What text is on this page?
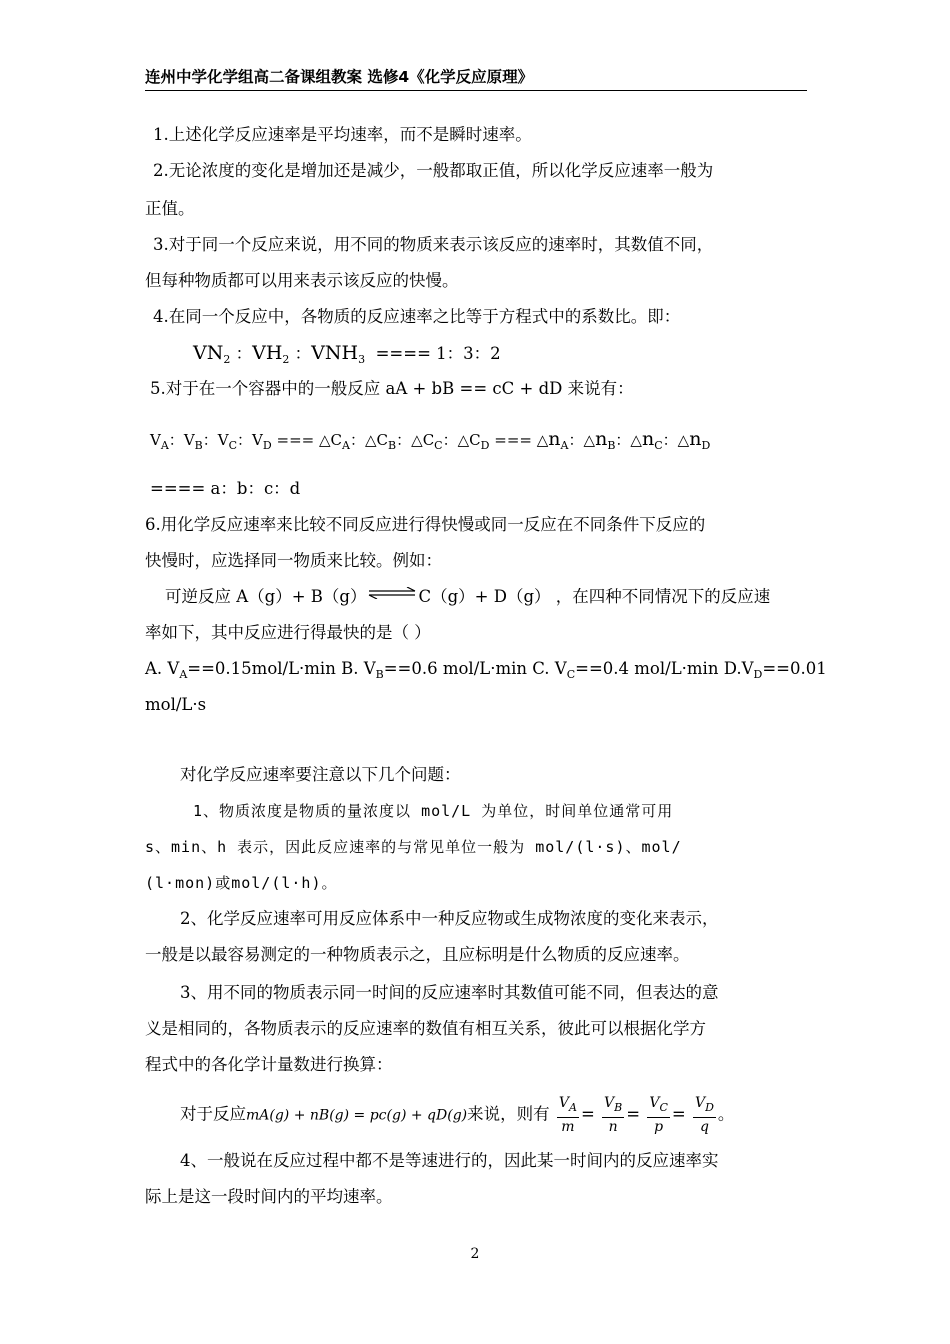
连州中学化学组高二备课组教案 选修4《化学反应原理》
1.上述化学反应速率是平均速率，而不是瞬时速率。
2.无论浓度的变化是增加还是减少，一般都取正值，所以化学反应速率一般为
正值。
3.对于同一个反应来说，用不同的物质来表示该反应的速率时，其数值不同，
但每种物质都可以用来表示该反应的快慢。
4.在同一个反应中，各物质的反应速率之比等于方程式中的系数比。即：
$VN_2$ ：$VH_2$ ：$VNH_3$ ==== 1：3：2
5.对于在一个容器中的一般反应 aA + bB == cC + dD 来说有：
$V_A$：$V_B$：$V_C$：$V_D$ === $\triangle C_A$：$\triangle C_B$：$\triangle C_C$：$\triangle C_D$ === $\triangle n_A$：$\triangle n_B$：$\triangle n_C$：$\triangle n_D$
==== a：b：c：d
6.用化学反应速率来比较不同反应进行得快慢或同一反应在不同条件下反应的
快慢时，应选择同一物质来比较。例如：
可逆反应 A（g）+ B（g）⇌C（g）+ D（g） ，在四种不同情况下的反应速
率如下，其中反应进行得最快的是（ ）
A. $V_A==0.15mol/L\cdot\min$ B. $V_B==0.6$ mol/L·min C. $V_C==0.4$ mol/L·min $D.V_D==0.01$
mol/L·s
对化学反应速率要注意以下几个问题：
1、物质浓度是物质的量浓度以 mol/L 为单位，时间单位通常可用
s、min、h 表示，因此反应速率的与常见单位一般为 mol/(l·s)、mol/
(l·mon)或mol/(l·h)。
2、化学反应速率可用反应体系中一种反应物或生成物浓度的变化来表示，
一般是以最容易测定的一种物质表示之，且应标明是什么物质的反应速率。
3、用不同的物质表示同一时间的反应速率时其数值可能不同，但表达的意
义是相同的，各物质表示的反应速率的数值有相互关系，彼此可以根据化学方
程式中的各化学计量数进行换算：
对于反应mA(g) + nB(g) = pc(g) + qD(g)来说，则有 $\frac{V_A}{m} = \frac{V_B}{n} = \frac{V_C}{p} = \frac{V_D}{q}$ 。
4、一般说在反应过程中都不是等速进行的，因此某一时间内的反应速率实
际上是这一段时间内的平均速率。
2
